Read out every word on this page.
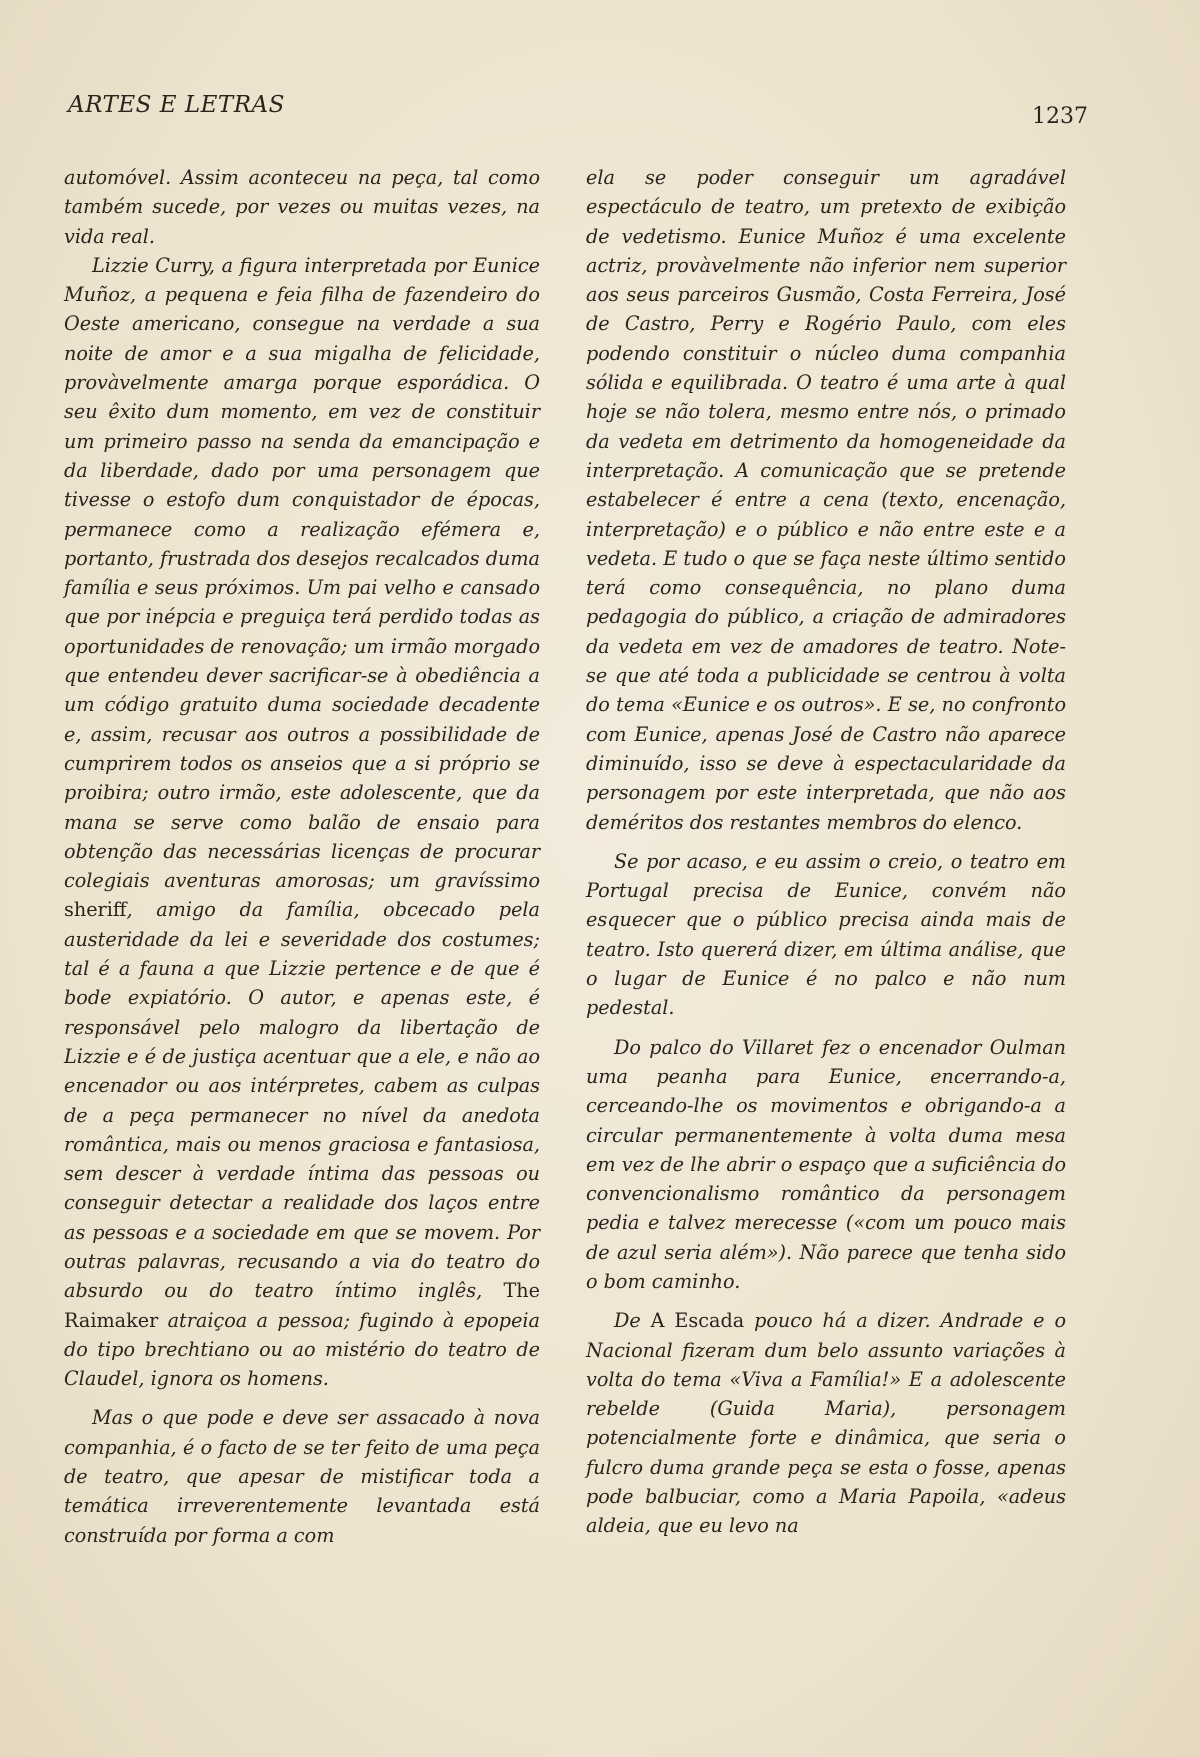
ARTES E LETRAS	1237

automóvel. Assim aconteceu na peça, tal como também sucede, por vezes ou muitas vezes, na vida real.

Lizzie Curry, a figura interpretada por Eunice Muñoz, a pequena e feia filha de fazendeiro do Oeste americano, consegue na verdade a sua noite de amor e a sua migalha de felicidade, provàvelmente amarga porque esporádica. O seu êxito dum momento, em vez de constituir um primeiro passo na senda da emancipação e da liberdade, dado por uma personagem que tivesse o estofo dum conquistador de épocas, permanece como a realização efémera e, portanto, frustrada dos desejos recalcados duma família e seus próximos. Um pai velho e cansado que por inépcia e preguiça terá perdido todas as oportunidades de renovação; um irmão morgado que entendeu dever sacrificar-se à obediência a um código gratuito duma sociedade decadente e, assim, recusar aos outros a possibilidade de cumprirem todos os anseios que a si próprio se proibira; outro irmão, este adolescente, que da mana se serve como balão de ensaio para obtenção das necessárias licenças de procurar colegiais aventuras amorosas; um gravíssimo sheriff, amigo da família, obcecado pela austeridade da lei e severidade dos costumes; tal é a fauna a que Lizzie pertence e de que é bode expiatório. O autor, e apenas este, é responsável pelo malogro da libertação de Lizzie e é de justiça acentuar que a ele, e não ao encenador ou aos intérpretes, cabem as culpas de a peça permanecer no nível da anedota romântica, mais ou menos graciosa e fantasiosa, sem descer à verdade íntima das pessoas ou conseguir detectar a realidade dos laços entre as pessoas e a sociedade em que se movem. Por outras palavras, recusando a via do teatro do absurdo ou do teatro íntimo inglês, The Raimaker atraiçoa a pessoa; fugindo à epopeia do tipo brechtiano ou ao mistério do teatro de Claudel, ignora os homens.

Mas o que pode e deve ser assacado à nova companhia, é o facto de se ter feito de uma peça de teatro, que apesar de mistificar toda a temática irreverentemente levantada está construída por forma a com

ela se poder conseguir um agradável espectáculo de teatro, um pretexto de exibição de vedetismo. Eunice Muñoz é uma excelente actriz, provàvelmente não inferior nem superior aos seus parceiros Gusmão, Costa Ferreira, José de Castro, Perry e Rogério Paulo, com eles podendo constituir o núcleo duma companhia sólida e equilibrada. O teatro é uma arte à qual hoje se não tolera, mesmo entre nós, o primado da vedeta em detrimento da homogeneidade da interpretação. A comunicação que se pretende estabelecer é entre a cena (texto, encenação, interpretação) e o público e não entre este e a vedeta. E tudo o que se faça neste último sentido terá como consequência, no plano duma pedagogia do público, a criação de admiradores da vedeta em vez de amadores de teatro. Note-se que até toda a publicidade se centrou à volta do tema «Eunice e os outros». E se, no confronto com Eunice, apenas José de Castro não aparece diminuído, isso se deve à espectacularidade da personagem por este interpretada, que não aos deméritos dos restantes membros do elenco.

Se por acaso, e eu assim o creio, o teatro em Portugal precisa de Eunice, convém não esquecer que o público precisa ainda mais de teatro. Isto quererá dizer, em última análise, que o lugar de Eunice é no palco e não num pedestal.

Do palco do Villaret fez o encenador Oulman uma peanha para Eunice, encerrando-a, cerceando-lhe os movimentos e obrigando-a a circular permanentemente à volta duma mesa em vez de lhe abrir o espaço que a suficiência do convencionalismo romântico da personagem pedia e talvez merecesse («com um pouco mais de azul seria além»). Não parece que tenha sido o bom caminho.

De A Escada pouco há a dizer. Andrade e o Nacional fizeram dum belo assunto variações à volta do tema «Viva a Família!» E a adolescente rebelde (Guida Maria), personagem potencialmente forte e dinâmica, que seria o fulcro duma grande peça se esta o fosse, apenas pode balbuciar, como a Maria Papoila, «adeus aldeia, que eu levo na
